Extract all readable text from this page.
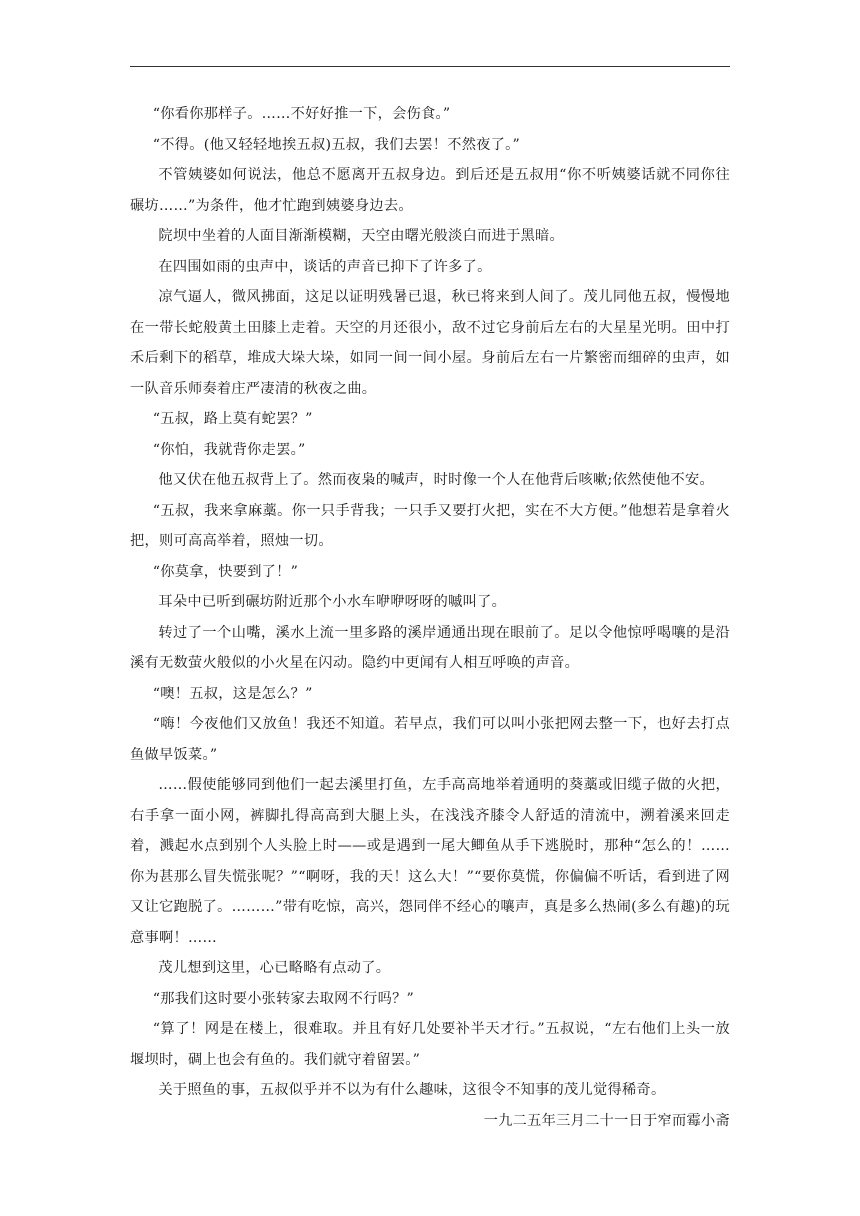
“你看你那样子。……不好好推一下，会伤食。”

“不得。(他又轻轻地挨五叔)五叔，我们去罢！不然夜了。”

不管姨婆如何说法，他总不愿离开五叔身边。到后还是五叔用“你不听姨婆话就不同你往碾坊……”为条件，他才忙跑到姨婆身边去。

院坝中坐着的人面目渐渐模糊，天空由曙光般淡白而进于黑暗。

在四围如雨的虫声中，谈话的声音已抑下了许多了。

凉气逼人，微风拂面，这足以证明残暑已退，秋已将来到人间了。茂儿同他五叔，慢慢地在一带长蛇般黄土田膝上走着。天空的月还很小，敌不过它身前后左右的大星星光明。田中打禾后剩下的稻草，堆成大垛大垛，如同一间一间小屋。身前后左右一片繁密而细碎的虫声，如一队音乐师奏着庄严凄清的秋夜之曲。

“五叔，路上莫有蛇罢？”

“你怕，我就背你走罢。”

他又伏在他五叔背上了。然而夜枭的喊声，时时像一个人在他背后咳嗽;依然使他不安。

“五叔，我来拿麻藁。你一只手背我；一只手又要打火把，实在不大方便。”他想若是拿着火把，则可高高举着，照烛一切。

“你莫拿，快要到了！”

耳朵中已听到碾坊附近那个小水车咿咿呀呀的嘁叫了。

转过了一个山嘴，溪水上流一里多路的溪岸通通出现在眼前了。足以令他惊呼喝嚷的是沿溪有无数萤火般似的小火星在闪动。隐约中更闻有人相互呼唤的声音。

“噢！五叔，这是怎么？”

“嗨！今夜他们又放鱼！我还不知道。若早点，我们可以叫小张把网去整一下，也好去打点鱼做早饭菜。”

……假使能够同到他们一起去溪里打鱼，左手高高地举着通明的葵藁或旧缆子做的火把，右手拿一面小网，裤脚扎得高高到大腿上头，在浅浅齐膝令人舒适的清流中，溯着溪来回走着，溅起水点到别个人头脸上时——或是遇到一尾大鲫鱼从手下逃脱时，那种“怎么的！……你为甚那么冒失慌张呢？”“啊呀，我的天！这么大！”“要你莫慌，你偏偏不听话，看到进了网又让它跑脱了。………”带有吃惊，高兴，怨同伴不经心的嚷声，真是多么热闹(多么有趣)的玩意事啊！……

茂儿想到这里，心已略略有点动了。

“那我们这时要小张转家去取网不行吗？”

“算了！网是在楼上，很难取。并且有好几处要补半天才行。”五叔说，“左右他们上头一放堰坝时，碉上也会有鱼的。我们就守着留罢。”

关于照鱼的事，五叔似乎并不以为有什么趣味，这很令不知事的茂儿觉得稀奇。

一九二五年三月二十一日于窄而霉小斋
